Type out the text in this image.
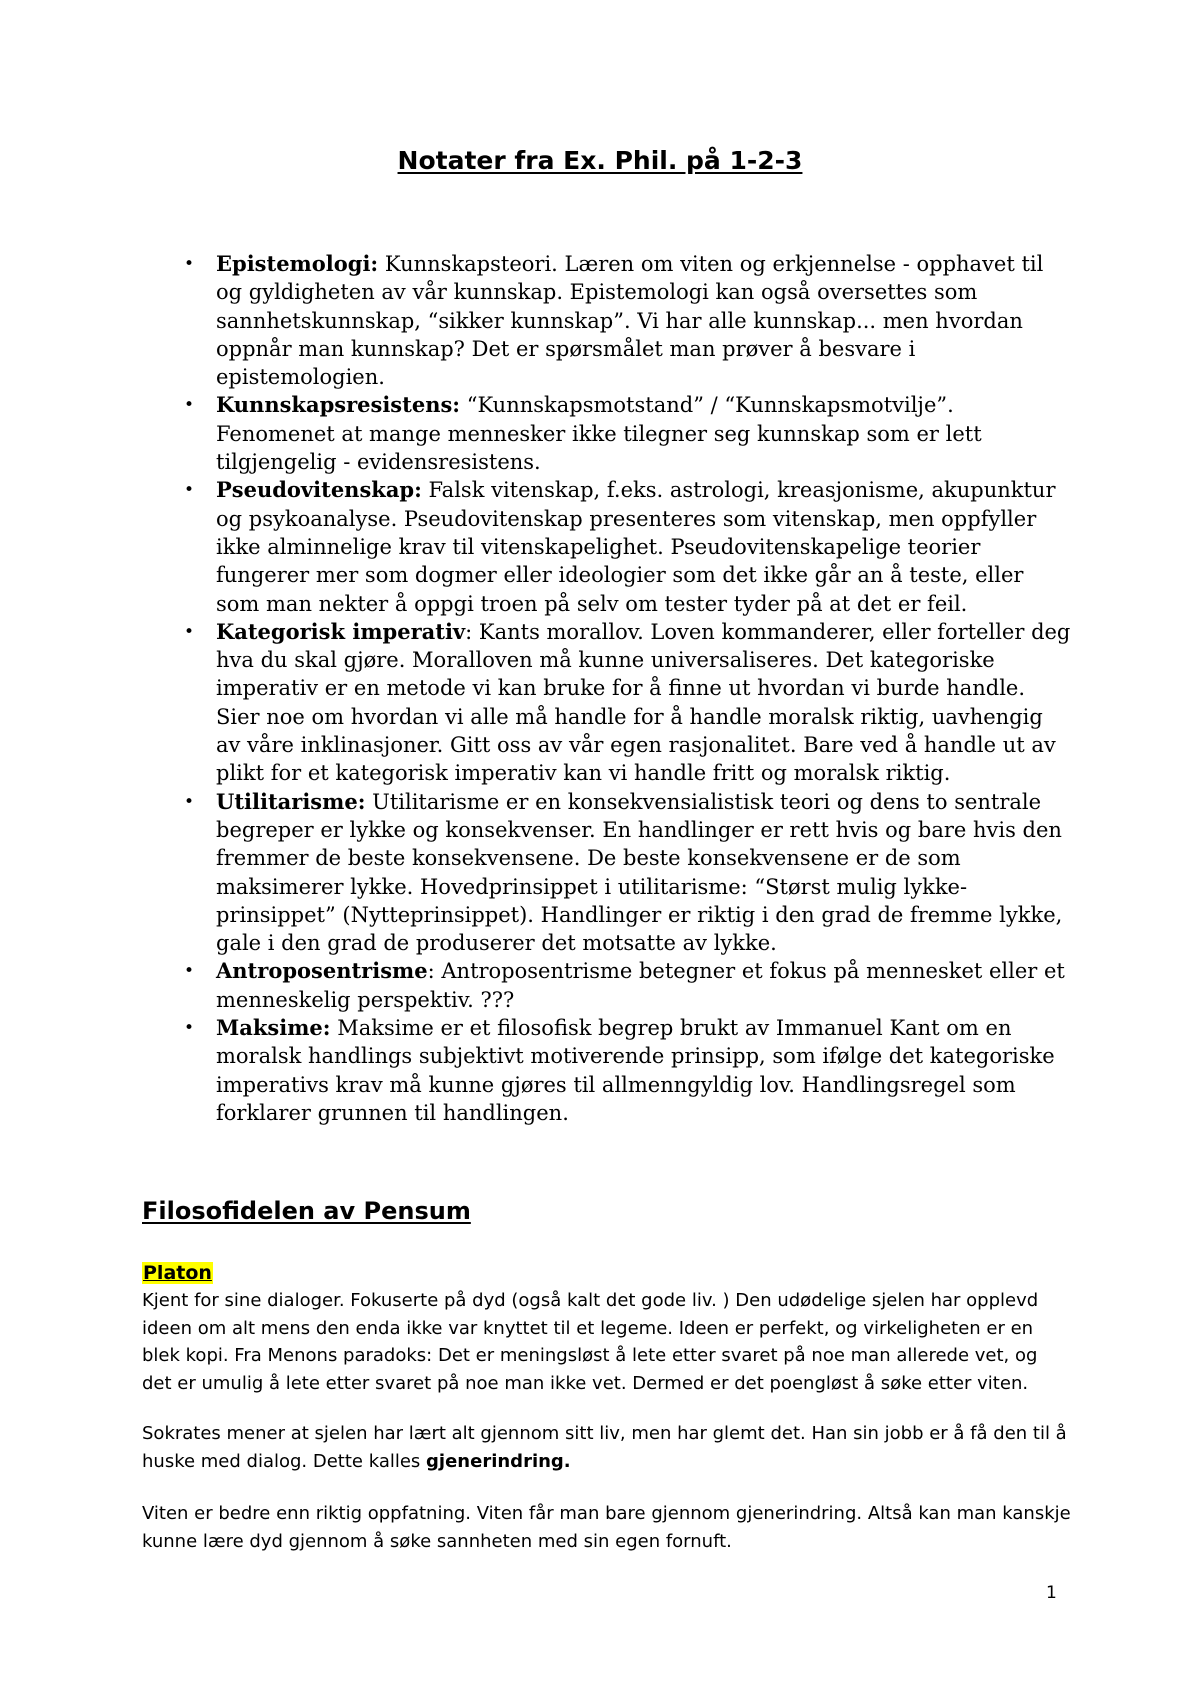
Notater fra Ex. Phil. på 1-2-3
• Epistemologi: Kunnskapsteori. Læren om viten og erkjennelse - opphavet til og gyldigheten av vår kunnskap. Epistemologi kan også oversettes som sannhetskunnskap, “sikker kunnskap”. Vi har alle kunnskap... men hvordan oppnår man kunnskap? Det er spørsmålet man prøver å besvare i epistemologien.
• Kunnskapsresistens: “Kunnskapsmotstand” / “Kunnskapsmotvilje”. Fenomenet at mange mennesker ikke tilegner seg kunnskap som er lett tilgjengelig - evidensresistens.
• Pseudovitenskap: Falsk vitenskap, f.eks. astrologi, kreasjonisme, akupunktur og psykoanalyse. Pseudovitenskap presenteres som vitenskap, men oppfyller ikke alminnelige krav til vitenskapelighet. Pseudovitenskapelige teorier fungerer mer som dogmer eller ideologier som det ikke går an å teste, eller som man nekter å oppgi troen på selv om tester tyder på at det er feil.
• Kategorisk imperativ: Kants morallov. Loven kommanderer, eller forteller deg hva du skal gjøre. Moralloven må kunne universaliseres. Det kategoriske imperativ er en metode vi kan bruke for å finne ut hvordan vi burde handle. Sier noe om hvordan vi alle må handle for å handle moralsk riktig, uavhengig av våre inklinasjoner. Gitt oss av vår egen rasjonalitet. Bare ved å handle ut av plikt for et kategorisk imperativ kan vi handle fritt og moralsk riktig.
• Utilitarisme: Utilitarisme er en konsekvensialistisk teori og dens to sentrale begreper er lykke og konsekvenser. En handlinger er rett hvis og bare hvis den fremmer de beste konsekvensene. De beste konsekvensene er de som maksimerer lykke. Hovedprinsippet i utilitarisme: “Størst mulig lykke-prinsippet” (Nytteprinsippet). Handlinger er riktig i den grad de fremme lykke, gale i den grad de produserer det motsatte av lykke.
• Antroposentrisme: Antroposentrisme betegner et fokus på mennesket eller et menneskelig perspektiv. ???
• Maksime: Maksime er et filosofisk begrep brukt av Immanuel Kant om en moralsk handlings subjektivt motiverende prinsipp, som ifølge det kategoriske imperativs krav må kunne gjøres til allmenngyldig lov. Handlingsregel som forklarer grunnen til handlingen.
Filosofidelen av Pensum
Platon

Kjent for sine dialoger. Fokuserte på dyd (også kalt det gode liv. ) Den udødelige sjelen har opplevd ideen om alt mens den enda ikke var knyttet til et legeme. Ideen er perfekt, og virkeligheten er en blek kopi. Fra Menons paradoks: Det er meningsløst å lete etter svaret på noe man allerede vet, og det er umulig å lete etter svaret på noe man ikke vet. Dermed er det poengløst å søke etter viten.

Sokrates mener at sjelen har lært alt gjennom sitt liv, men har glemt det. Han sin jobb er å få den til å huske med dialog. Dette kalles gjenerindring.

Viten er bedre enn riktig oppfatning. Viten får man bare gjennom gjenerindring. Altså kan man kanskje kunne lære dyd gjennom å søke sannheten med sin egen fornuft.

1
